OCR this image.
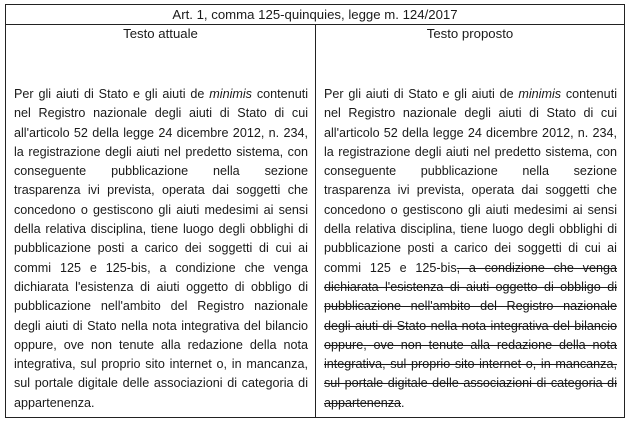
Art. 1, comma 125-quinquies, legge m. 124/2017
Testo attuale
Per gli aiuti di Stato e gli aiuti de minimis contenuti nel Registro nazionale degli aiuti di Stato di cui all'articolo 52 della legge 24 dicembre 2012, n. 234, la registrazione degli aiuti nel predetto sistema, con conseguente pubblicazione nella sezione trasparenza ivi prevista, operata dai soggetti che concedono o gestiscono gli aiuti medesimi ai sensi della relativa disciplina, tiene luogo degli obblighi di pubblicazione posti a carico dei soggetti di cui ai commi 125 e 125-bis, a condizione che venga dichiarata l'esistenza di aiuti oggetto di obbligo di pubblicazione nell'ambito del Registro nazionale degli aiuti di Stato nella nota integrativa del bilancio oppure, ove non tenute alla redazione della nota integrativa, sul proprio sito internet o, in mancanza, sul portale digitale delle associazioni di categoria di appartenenza.
Testo proposto
Per gli aiuti di Stato e gli aiuti de minimis contenuti nel Registro nazionale degli aiuti di Stato di cui all'articolo 52 della legge 24 dicembre 2012, n. 234, la registrazione degli aiuti nel predetto sistema, con conseguente pubblicazione nella sezione trasparenza ivi prevista, operata dai soggetti che concedono o gestiscono gli aiuti medesimi ai sensi della relativa disciplina, tiene luogo degli obblighi di pubblicazione posti a carico dei soggetti di cui ai commi 125 e 125-bis, a condizione che venga dichiarata l'esistenza di aiuti oggetto di obbligo di pubblicazione nell'ambito del Registro nazionale degli aiuti di Stato nella nota integrativa del bilancio oppure, ove non tenute alla redazione della nota integrativa, sul proprio sito internet o, in mancanza, sul portale digitale delle associazioni di categoria di appartenenza.
